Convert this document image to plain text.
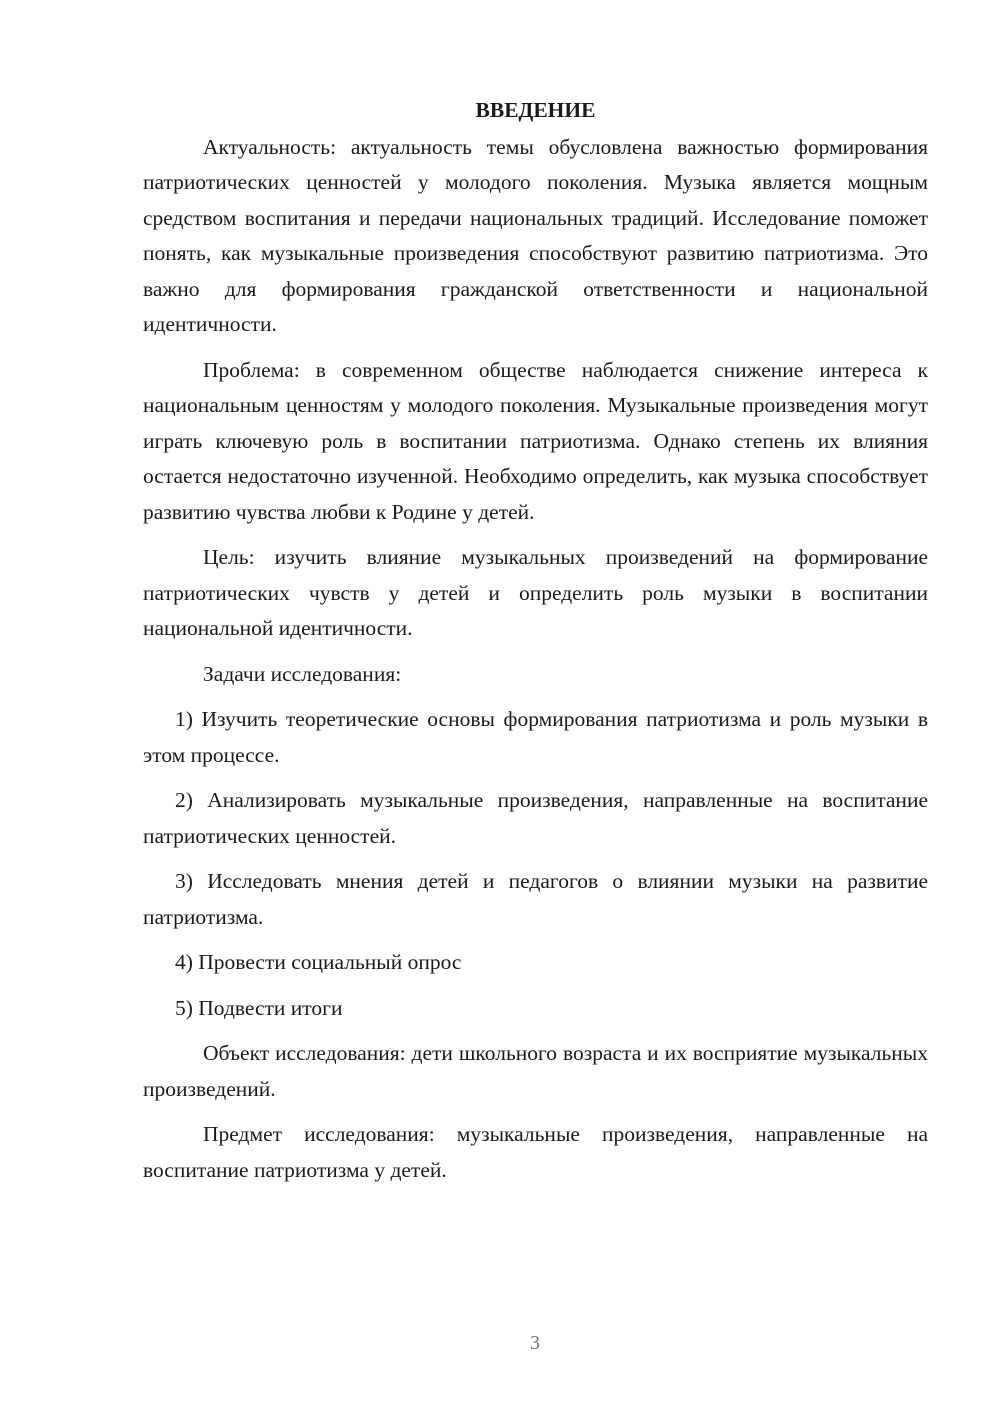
ВВЕДЕНИЕ

Актуальность: актуальность темы обусловлена важностью формирования патриотических ценностей у молодого поколения. Музыка является мощным средством воспитания и передачи национальных традиций. Исследование поможет понять, как музыкальные произведения способствуют развитию патриотизма. Это важно для формирования гражданской ответственности и национальной идентичности.

Проблема: в современном обществе наблюдается снижение интереса к национальным ценностям у молодого поколения. Музыкальные произведения могут играть ключевую роль в воспитании патриотизма. Однако степень их влияния остается недостаточно изученной. Необходимо определить, как музыка способствует развитию чувства любви к Родине у детей.

Цель: изучить влияние музыкальных произведений на формирование патриотических чувств у детей и определить роль музыки в воспитании национальной идентичности.

Задачи исследования:

1) Изучить теоретические основы формирования патриотизма и роль музыки в этом процессе.

2) Анализировать музыкальные произведения, направленные на воспитание патриотических ценностей.

3) Исследовать мнения детей и педагогов о влиянии музыки на развитие патриотизма.

4) Провести социальный опрос

5) Подвести итоги

Объект исследования: дети школьного возраста и их восприятие музыкальных произведений.

Предмет исследования: музыкальные произведения, направленные на воспитание патриотизма у детей.

3
